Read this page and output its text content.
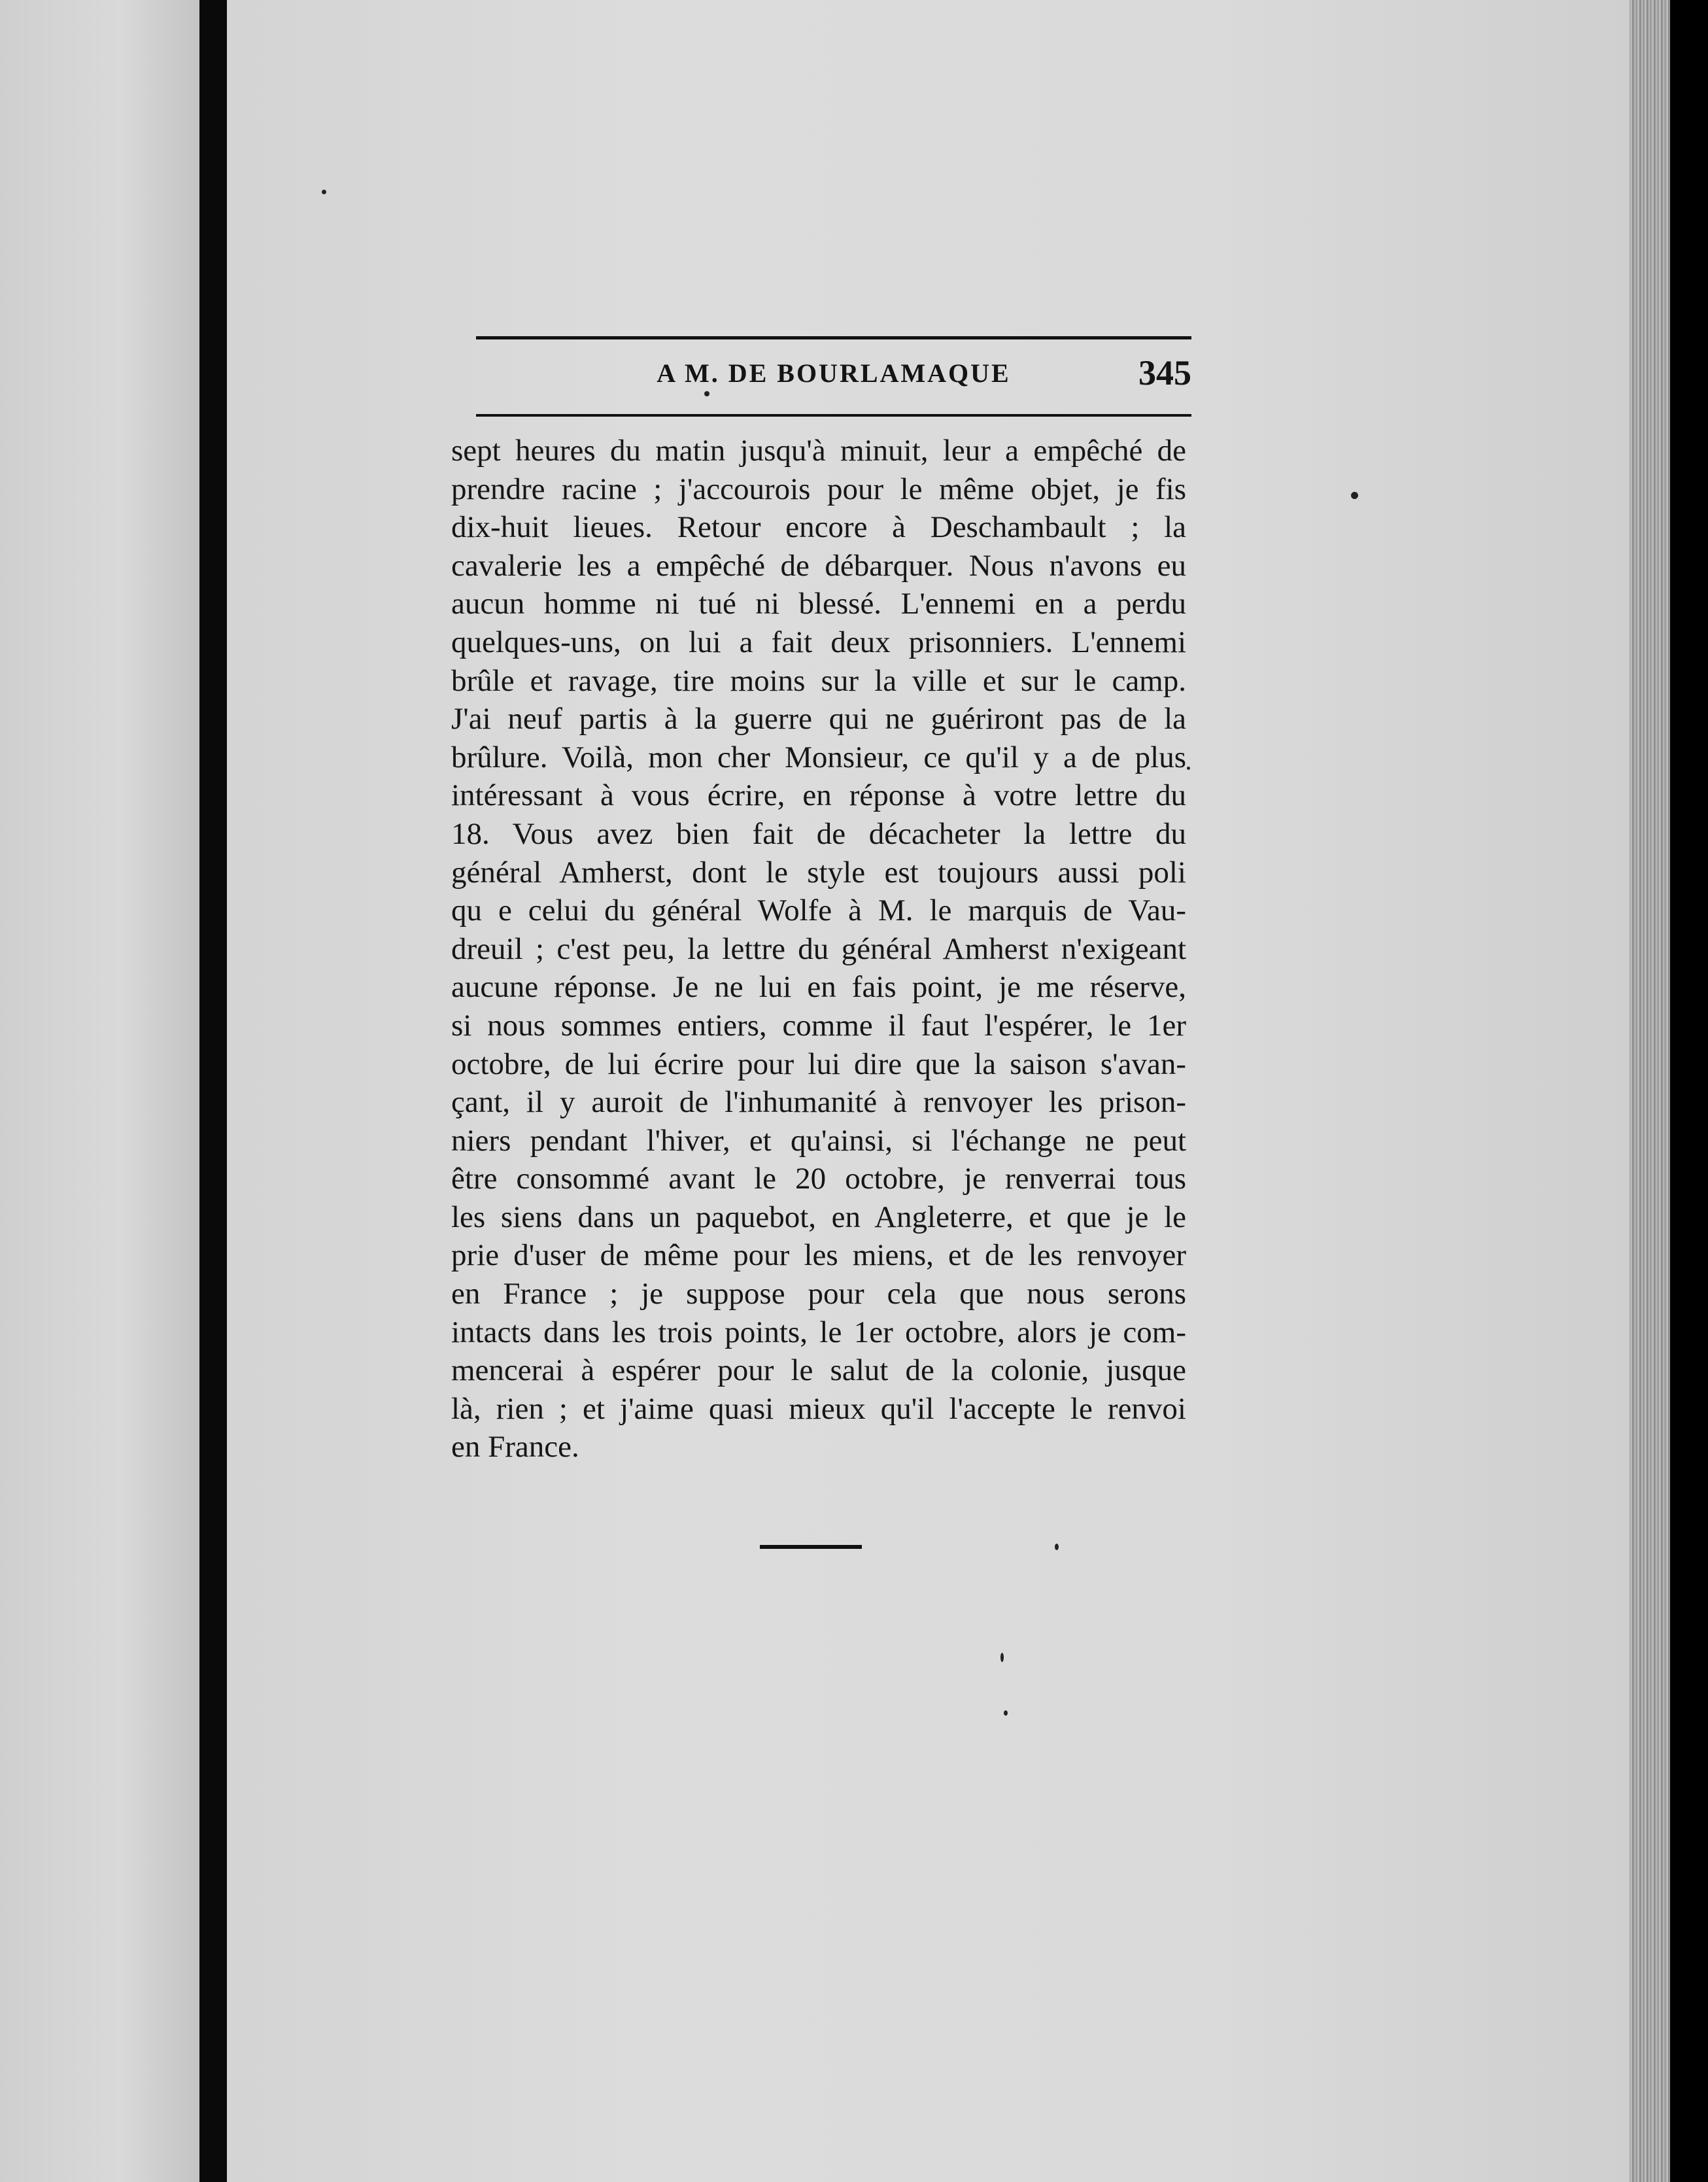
A M. DE BOURLAMAQUE	345
sept heures du matin jusqu'à minuit, leur a empêché de
prendre racine ; j'accourois pour le même objet, je fis
dix-huit lieues. Retour encore à Deschambault ; la
cavalerie les a empêché de débarquer. Nous n'avons eu
aucun homme ni tué ni blessé. L'ennemi en a perdu
quelques-uns, on lui a fait deux prisonniers. L'ennemi
brûle et ravage, tire moins sur la ville et sur le camp.
J'ai neuf partis à la guerre qui ne guériront pas de la
brûlure. Voilà, mon cher Monsieur, ce qu'il y a de plus
intéressant à vous écrire, en réponse à votre lettre du
18. Vous avez bien fait de décacheter la lettre du
général Amherst, dont le style est toujours aussi poli
qu e celui du général Wolfe à M. le marquis de Vau-
dreuil ; c'est peu, la lettre du général Amherst n'exigeant
aucune réponse. Je ne lui en fais point, je me réserve,
si nous sommes entiers, comme il faut l'espérer, le 1er
octobre, de lui écrire pour lui dire que la saison s'avan-
çant, il y auroit de l'inhumanité à renvoyer les prison-
niers pendant l'hiver, et qu'ainsi, si l'échange ne peut
être consommé avant le 20 octobre, je renverrai tous
les siens dans un paquebot, en Angleterre, et que je le
prie d'user de même pour les miens, et de les renvoyer
en France ; je suppose pour cela que nous serons
intacts dans les trois points, le 1er octobre, alors je com-
mencerai à espérer pour le salut de la colonie, jusque
là, rien ; et j'aime quasi mieux qu'il l'accepte le renvoi
en France.
